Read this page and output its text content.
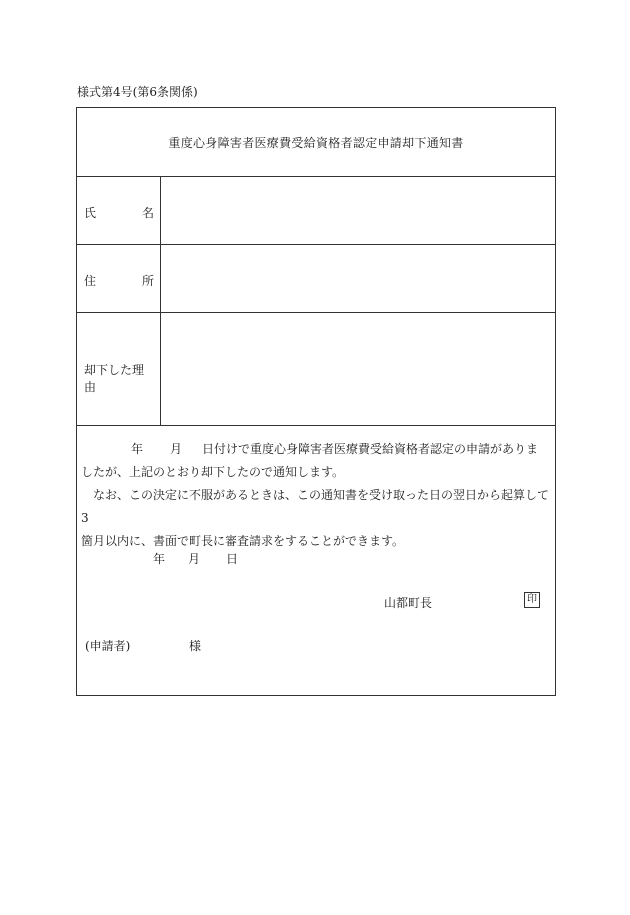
様式第4号(第6条関係)
重度心身障害者医療費受給資格者認定申請却下通知書
氏	名
住	所
却下した理由

年 月 日付けで重度心身障害者医療費受給資格者認定の申請がありま

したが、上記のとおり却下したので通知します。

なお、この決定に不服があるときは、この通知書を受け取った日の翌日から起算して3

箇月以内に、書面で町長に審査請求をすることができます。

年 月 日
山都町長	印
(申請者)	様
